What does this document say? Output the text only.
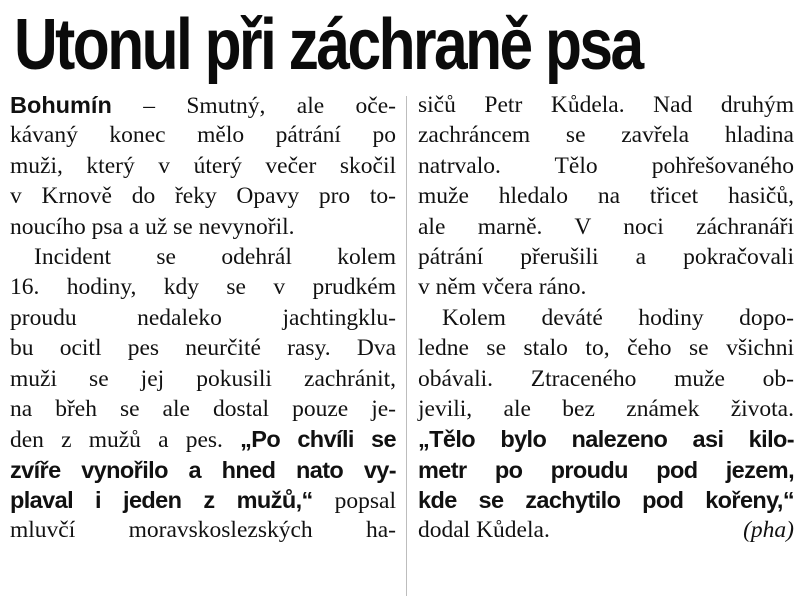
Utonul při záchraně psa
Bohumín – Smutný, ale oče-
kávaný konec mělo pátrání po
muži, který v úterý večer skočil
v Krnově do řeky Opavy pro to-
noucího psa a už se nevynořil.
Incident se odehrál kolem
16. hodiny, kdy se v prudkém
proudu nedaleko jachtingklu-
bu ocitl pes neurčité rasy. Dva
muži se jej pokusili zachránit,
na břeh se ale dostal pouze je-
den z mužů a pes. „Po chvíli se
zvíře vynořilo a hned nato vy-
plaval i jeden z mužů,“ popsal
mluvčí moravskoslezských ha-
sičů Petr Kůdela. Nad druhým
zachráncem se zavřela hladina
natrvalo. Tělo pohřešovaného
muže hledalo na třicet hasičů,
ale marně. V noci záchranáři
pátrání přerušili a pokračovali
v něm včera ráno.
Kolem deváté hodiny dopo-
ledne se stalo to, čeho se všichni
obávali. Ztraceného muže ob-
jevili, ale bez známek života.
„Tělo bylo nalezeno asi kilo-
metr po proudu pod jezem,
kde se zachytilo pod kořeny,“
dodal Kůdela.	(pha)
